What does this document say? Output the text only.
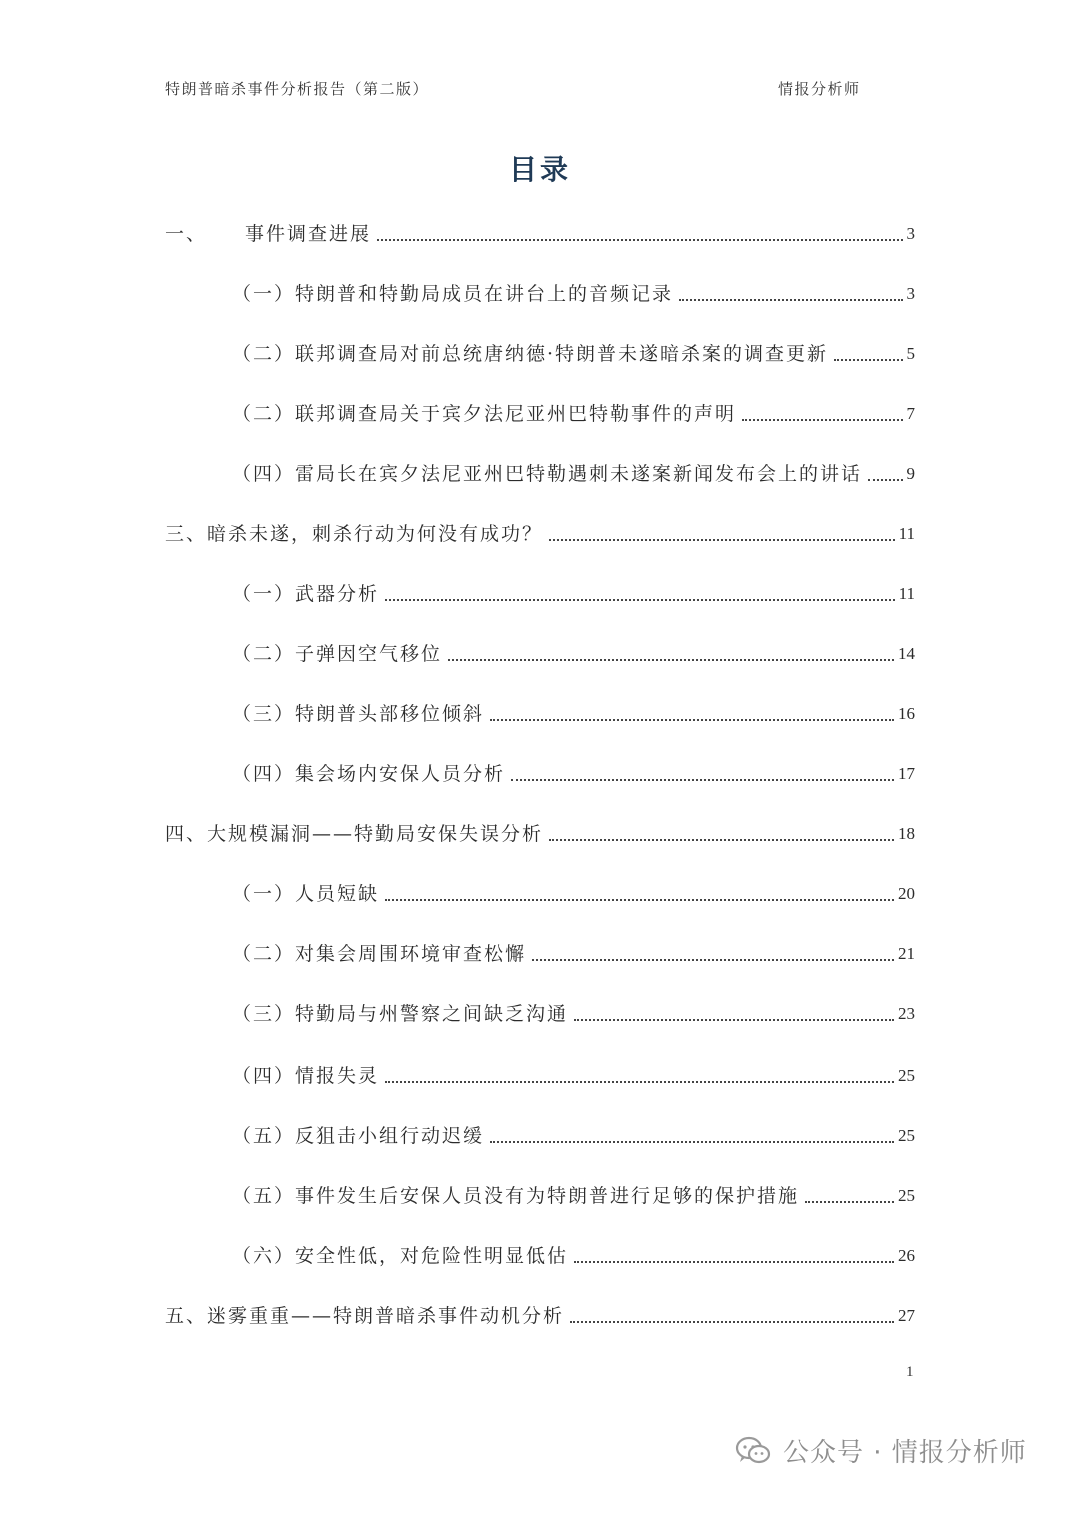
特朗普暗杀事件分析报告（第二版）	情报分析师
目录
一、 事件调查进展	3
（一）特朗普和特勤局成员在讲台上的音频记录	3
（二）联邦调查局对前总统唐纳德·特朗普未遂暗杀案的调查更新	5
（二）联邦调查局关于宾夕法尼亚州巴特勒事件的声明	7
（四）雷局长在宾夕法尼亚州巴特勒遇刺未遂案新闻发布会上的讲话	9
三、暗杀未遂，刺杀行动为何没有成功？	11
（一）武器分析	11
（二）子弹因空气移位	14
（三）特朗普头部移位倾斜	16
（四）集会场内安保人员分析	17
四、大规模漏洞——特勤局安保失误分析	18
（一）人员短缺	20
（二）对集会周围环境审查松懈	21
（三）特勤局与州警察之间缺乏沟通	23
（四）情报失灵	25
（五）反狙击小组行动迟缓	25
（五）事件发生后安保人员没有为特朗普进行足够的保护措施	25
（六）安全性低，对危险性明显低估	26
五、迷雾重重——特朗普暗杀事件动机分析	27
1
公众号 · 情报分析师
